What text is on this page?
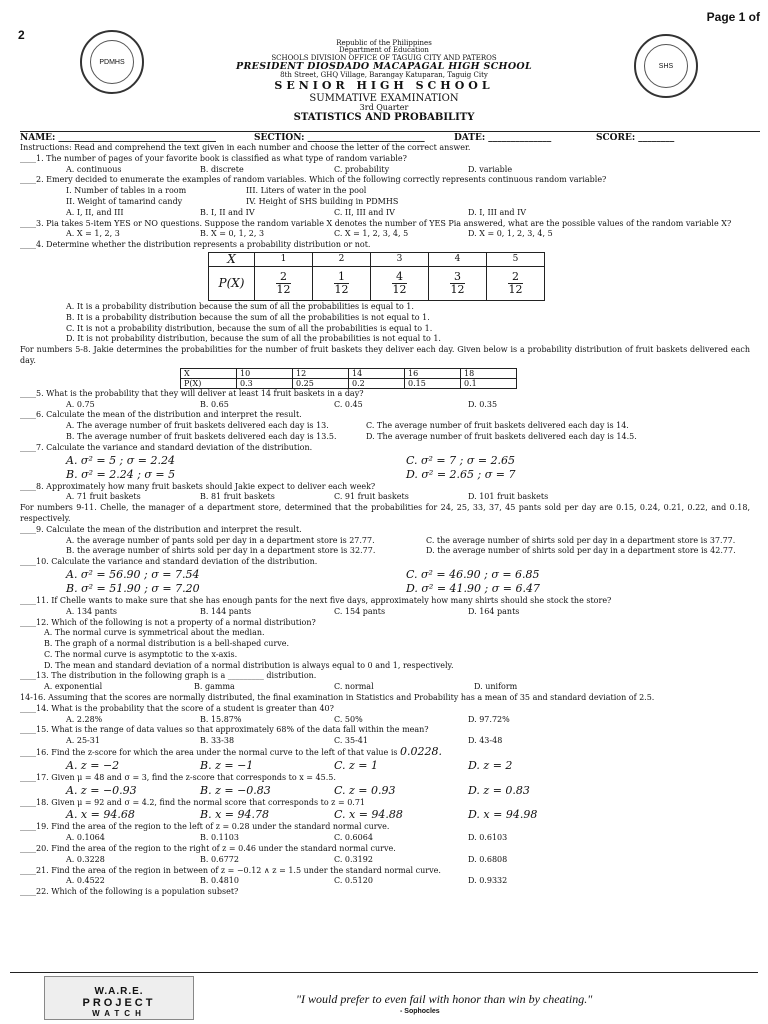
Page 1 of
2
PDMHS
SHS
Republic of the Philippines
Department of Education
SCHOOLS DIVISION OFFICE OF TAGUIG CITY AND PATEROS
PRESIDENT DIOSDADO MACAPAGAL HIGH SCHOOL
8th Street, GHQ Village, Barangay Katuparan, Taguig City
SENIOR HIGH SCHOOL
SUMMATIVE EXAMINATION
3rd Quarter
STATISTICS AND PROBABILITY
NAME: ___________________________________	SECTION: __________________________	DATE: ______________	SCORE: ________
Instructions: Read and comprehend the text given in each number and choose the letter of the correct answer.
____1. The number of pages of your favorite book is classified as what type of random variable?
A. continuous	B. discrete	C. probability	D. variable
____2. Emery decided to enumerate the examples of random variables. Which of the following correctly represents continuous random variable?
I. Number of tables in a room	III. Liters of water in the pool
II. Weight of tamarind candy	IV. Height of SHS building in PDMHS
A. I, II, and III	B. I, II and IV	C. II, III and IV	D. I, III and IV
____3. Pia takes 5-item YES or NO questions. Suppose the random variable X denotes the number of YES Pia answered, what are the possible values of the random variable X?
A. X = 1, 2, 3	B. X = 0, 1, 2, 3	C. X = 1, 2, 3, 4, 5	D. X = 0, 1, 2, 3, 4, 5
____4. Determine whether the distribution represents a probability distribution or not.
X	1	2	3	4	5
P(X)	$\frac{2}{12}$	$\frac{1}{12}$	$\frac{4}{12}$	$\frac{3}{12}$	$\frac{2}{12}$
A. It is a probability distribution because the sum of all the probabilities is equal to 1.
B. It is a probability distribution because the sum of all the probabilities is not equal to 1.
C. It is not a probability distribution, because the sum of all the probabilities is equal to 1.
D. It is not probability distribution, because the sum of all the probabilities is not equal to 1.
For numbers 5-8. Jakie determines the probabilities for the number of fruit baskets they deliver each day. Given below is a probability distribution of fruit baskets delivered each day.
X	10	12	14	16	18
P(X)	0.3	0.25	0.2	0.15	0.1
____5. What is the probability that they will deliver at least 14 fruit baskets in a day?
A. 0.75	B. 0.65	C. 0.45	D. 0.35
____6. Calculate the mean of the distribution and interpret the result.
A. The average number of fruit baskets delivered each day is 13.	C. The average number of fruit baskets delivered each day is 14.
B. The average number of fruit baskets delivered each day is 13.5.	D. The average number of fruit baskets delivered each day is 14.5.
____7. Calculate the variance and standard deviation of the distribution.
A. σ² = 5 ; σ = 2.24	C. σ² = 7 ; σ = 2.65
B. σ² = 2.24 ; σ = 5	D. σ² = 2.65 ; σ = 7
____8. Approximately how many fruit baskets should Jakie expect to deliver each week?
A. 71 fruit baskets	B. 81 fruit baskets	C. 91 fruit baskets	D. 101 fruit baskets
For numbers 9-11. Chelle, the manager of a department store, determined that the probabilities for 24, 25, 33, 37, 45 pants sold per day are 0.15, 0.24, 0.21, 0.22, and 0.18, respectively.
____9. Calculate the mean of the distribution and interpret the result.
A. the average number of pants sold per day in a department store is 27.77.	C. the average number of shirts sold per day in a department store is 37.77.
B. the average number of shirts sold per day in a department store is 32.77.	D. the average number of shirts sold per day in a department store is 42.77.
____10. Calculate the variance and standard deviation of the distribution.
A. σ² = 56.90 ; σ = 7.54	C. σ² = 46.90 ; σ = 6.85
B. σ² = 51.90 ; σ = 7.20	D. σ² = 41.90 ; σ = 6.47
____11. If Chelle wants to make sure that she has enough pants for the next five days, approximately how many shirts should she stock the store?
A. 134 pants	B. 144 pants	C. 154 pants	D. 164 pants
____12. Which of the following is not a property of a normal distribution?
A. The normal curve is symmetrical about the median.
B. The graph of a normal distribution is a bell-shaped curve.
C. The normal curve is asymptotic to the x-axis.
D. The mean and standard deviation of a normal distribution is always equal to 0 and 1, respectively.
____13. The distribution in the following graph is a _________ distribution.
A. exponential	B. gamma	C. normal	D. uniform
14-16. Assuming that the scores are normally distributed, the final examination in Statistics and Probability has a mean of 35 and standard deviation of 2.5.
____14. What is the probability that the score of a student is greater than 40?
A. 2.28%	B. 15.87%	C. 50%	D. 97.72%
____15. What is the range of data values so that approximately 68% of the data fall within the mean?
A. 25-31	B. 33-38	C. 35-41	D. 43-48
____16. Find the z-score for which the area under the normal curve to the left of that value is 0.0228.
A. z = −2	B. z = −1	C. z = 1	D. z = 2
____17. Given μ = 48 and σ = 3, find the z-score that corresponds to x = 45.5.
A. z = −0.93	B. z = −0.83	C. z = 0.93	D. z = 0.83
____18. Given μ = 92 and σ = 4.2, find the normal score that corresponds to z = 0.71
A. x = 94.68	B. x = 94.78	C. x = 94.88	D. x = 94.98
____19. Find the area of the region to the left of z = 0.28 under the standard normal curve.
A. 0.1064	B. 0.1103	C. 0.6064	D. 0.6103
____20. Find the area of the region to the right of z = 0.46 under the standard normal curve.
A. 0.3228	B. 0.6772	C. 0.3192	D. 0.6808
____21. Find the area of the region in between of z = −0.12 ∧ z = 1.5 under the standard normal curve.
A. 0.4522	B. 0.4810	C. 0.5120	D. 0.9332
____22. Which of the following is a population subset?
W.A.R.E.
PROJECT
WATCH
"I would prefer to even fail with honor than win by cheating."
- Sophocles
